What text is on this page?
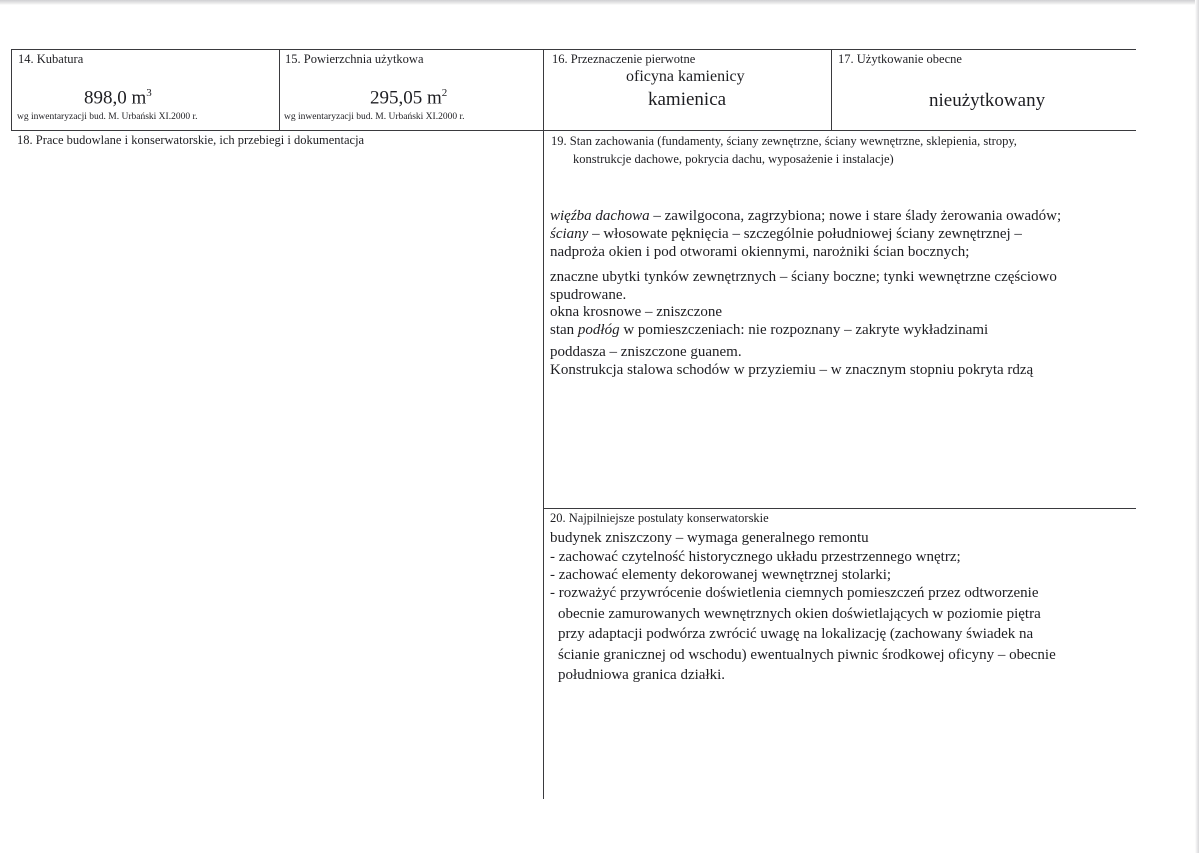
14. Kubatura
898,0 $m^3$
wg inwentaryzacji bud. M. Urbański XI.2000 r.
15. Powierzchnia użytkowa
295,05 $m^2$
wg inwentaryzacji bud. M. Urbański XI.2000 r.
16. Przeznaczenie pierwotne
oficyna kamienicy
kamienica
17. Użytkowanie obecne
nieużytkowany
18. Prace budowlane i konserwatorskie, ich przebiegi i dokumentacja	19. Stan zachowania (fundamenty, ściany zewnętrzne, ściany wewnętrzne, sklepienia, stropy,
konstrukcje dachowe, pokrycia dachu, wyposażenie i instalacje)
więźba dachowa – zawilgocona, zagrzybiona; nowe i stare ślady żerowania owadów;
ściany – włosowate pęknięcia – szczególnie południowej ściany zewnętrznej –
nadproża okien i pod otworami okiennymi, narożniki ścian bocznych;
znaczne ubytki tynków zewnętrznych – ściany boczne; tynki wewnętrzne częściowo
spudrowane.
okna krosnowe – zniszczone
stan podłóg w pomieszczeniach: nie rozpoznany – zakryte wykładzinami
poddasza – zniszczone guanem.
Konstrukcja stalowa schodów w przyziemiu – w znacznym stopniu pokryta rdzą
20. Najpilniejsze postulaty konserwatorskie
budynek zniszczony – wymaga generalnego remontu
- zachować czytelność historycznego układu przestrzennego wnętrz;
- zachować elementy dekorowanej wewnętrznej stolarki;
- rozważyć przywrócenie doświetlenia ciemnych pomieszczeń przez odtworzenie
obecnie zamurowanych wewnętrznych okien doświetlających w poziomie piętra
przy adaptacji podwórza zwrócić uwagę na lokalizację (zachowany świadek na
ścianie granicznej od wschodu) ewentualnych piwnic środkowej oficyny – obecnie
południowa granica działki.
